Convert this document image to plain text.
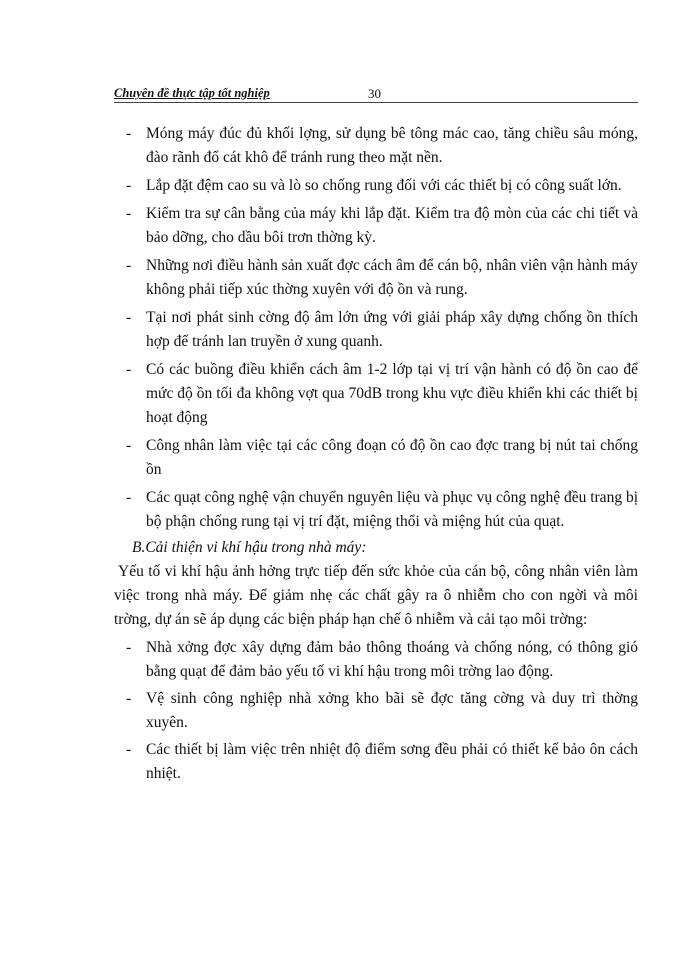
Chuyên đề thực tập tốt nghiệp	30
- Móng máy đúc đủ khối lợng, sử dụng bê tông mác cao, tăng chiều sâu móng, đào rãnh đổ cát khô để tránh rung theo mặt nền.
- Lắp đặt đệm cao su và lò so chống rung đối với các thiết bị có công suất lớn.
- Kiểm tra sự cân bằng của máy khi lắp đặt. Kiểm tra độ mòn của các chi tiết và bảo dỡng, cho dầu bôi trơn thờng kỳ.
- Những nơi điều hành sản xuất đợc cách âm để cán bộ, nhân viên vận hành máy không phải tiếp xúc thờng xuyên với độ ồn và rung.
- Tại nơi phát sinh cờng độ âm lớn ứng với giải pháp xây dựng chống ồn thích hợp để tránh lan truyền ở xung quanh.
- Có các buồng điều khiển cách âm 1-2 lớp tại vị trí vận hành có độ ồn cao để mức độ ồn tối đa không vợt qua 70dB trong khu vực điều khiển khi các thiết bị hoạt động
- Công nhân làm việc tại các công đoạn có độ ồn cao đợc trang bị nút tai chống ồn
- Các quạt công nghệ vận chuyển nguyên liệu và phục vụ công nghệ đều trang bị bộ phận chống rung tại vị trí đặt, miệng thổi và miệng hút của quạt.
B.Cải thiện vi khí hậu trong nhà máy:
Yếu tố vi khí hậu ảnh hởng trực tiếp đến sức khỏe của cán bộ, công nhân viên làm việc trong nhà máy. Để giảm nhẹ các chất gây ra ô nhiễm cho con ngời và môi trờng, dự án sẽ áp dụng các biện pháp hạn chế ô nhiễm và cải tạo môi trờng:
- Nhà xởng đợc xây dựng đảm bảo thông thoáng và chống nóng, có thông gió bằng quạt để đảm bảo yếu tố vi khí hậu trong môi trờng lao động.
- Vệ sinh công nghiệp nhà xởng kho bãi sẽ đợc tăng cờng và duy trì thờng xuyên.
- Các thiết bị làm việc trên nhiệt độ điểm sơng đều phải có thiết kế bảo ôn cách nhiệt.
